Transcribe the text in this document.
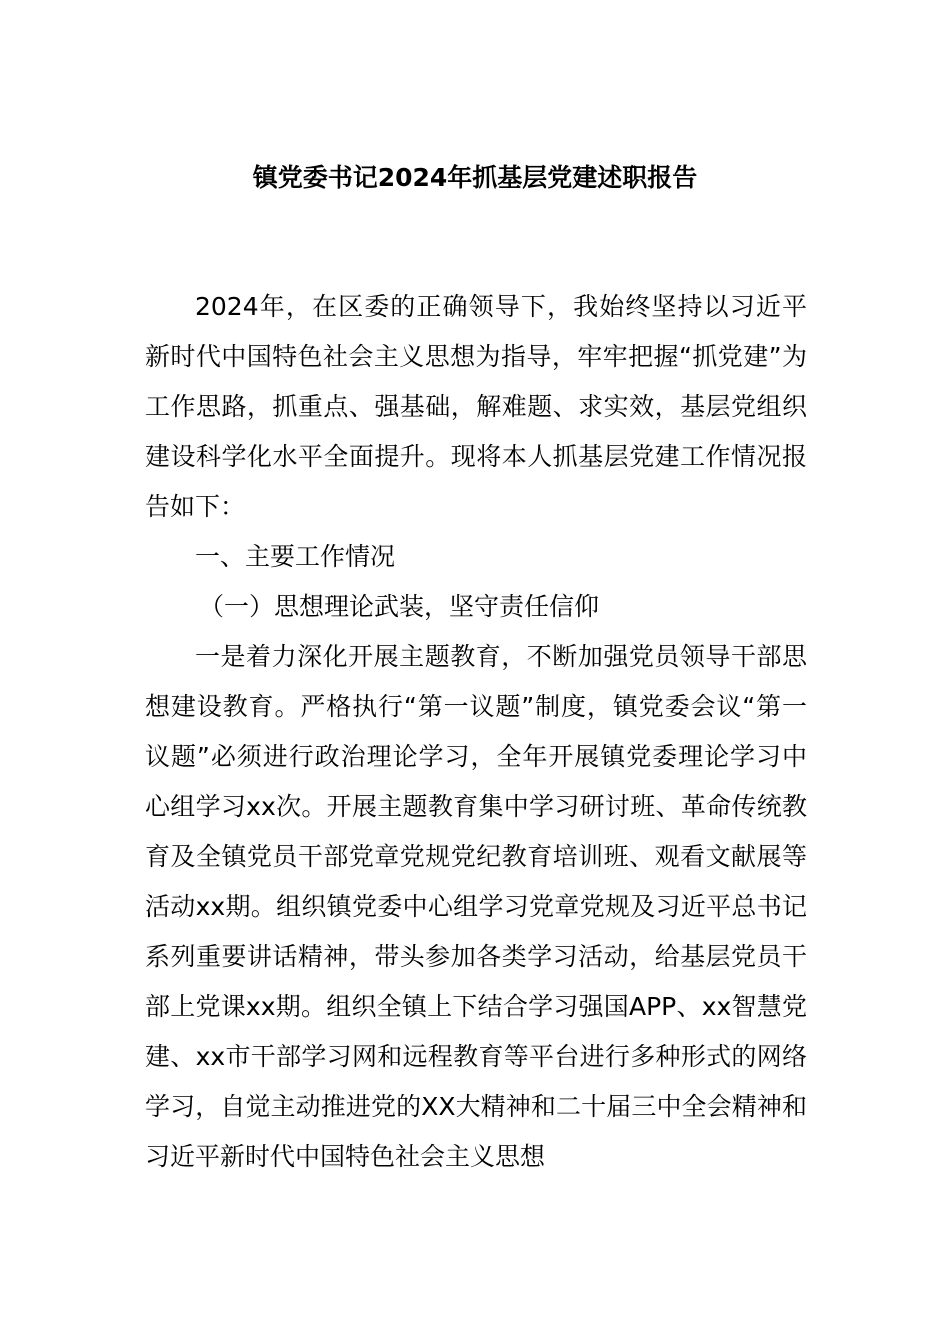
镇党委书记2024年抓基层党建述职报告

2024年，在区委的正确领导下，我始终坚持以习近平新时代中国特色社会主义思想为指导，牢牢把握“抓党建”为工作思路，抓重点、强基础，解难题、求实效，基层党组织建设科学化水平全面提升。现将本人抓基层党建工作情况报告如下：

一、主要工作情况

（一）思想理论武装，坚守责任信仰

一是着力深化开展主题教育，不断加强党员领导干部思想建设教育。严格执行“第一议题”制度，镇党委会议“第一议题”必须进行政治理论学习，全年开展镇党委理论学习中心组学习xx次。开展主题教育集中学习研讨班、革命传统教育及全镇党员干部党章党规党纪教育培训班、观看文献展等活动xx期。组织镇党委中心组学习党章党规及习近平总书记系列重要讲话精神，带头参加各类学习活动，给基层党员干部上党课xx期。组织全镇上下结合学习强国APP、xx智慧党建、xx市干部学习网和远程教育等平台进行多种形式的网络学习，自觉主动推进党的XX大精神和二十届三中全会精神和习近平新时代中国特色社会主义思想
